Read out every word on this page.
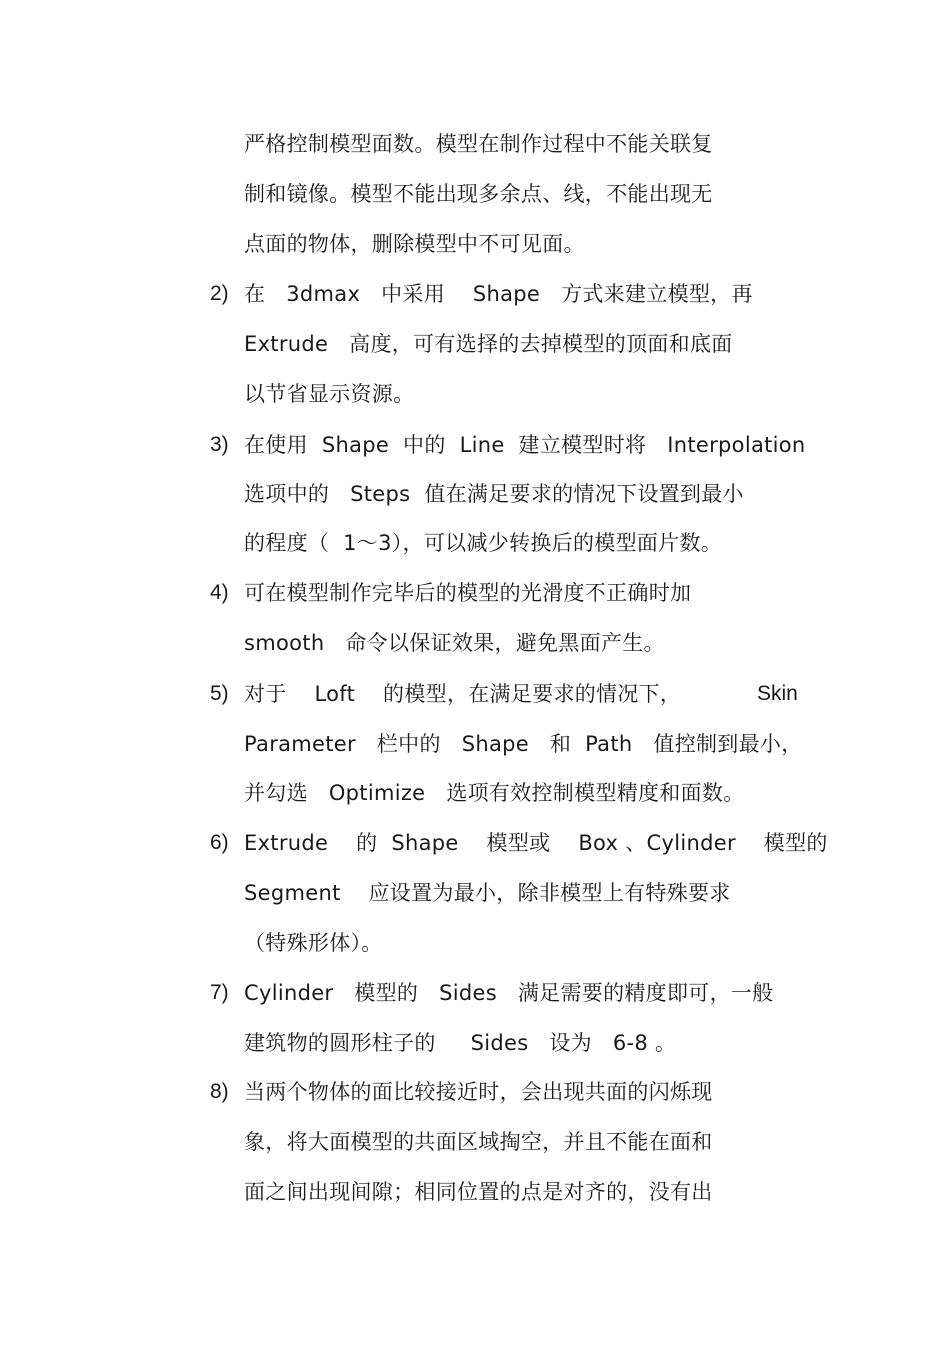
严格控制模型面数。模型在制作过程中不能关联复
制和镜像。模型不能出现多余点、线，不能出现无
点面的物体，删除模型中不可见面。
2) 在   3dmax   中采用    Shape   方式来建立模型，再
Extrude   高度，可有选择的去掉模型的顶面和底面
以节省显示资源。
3) 在使用  Shape  中的  Line  建立模型时将   Interpolation
选项中的   Steps  值在满足要求的情况下设置到最小
的程度（  1～3），可以减少转换后的模型面片数。
4) 可在模型制作完毕后的模型的光滑度不正确时加
smooth   命令以保证效果，避免黑面产生。
5) 对于    Loft    的模型，在满足要求的情况下，	Skin
Parameter   栏中的   Shape   和  Path   值控制到最小，
并勾选   Optimize   选项有效控制模型精度和面数。
6) Extrude    的  Shape    模型或    Box 、Cylinder    模型的
Segment    应设置为最小，除非模型上有特殊要求
（特殊形体）。
7) Cylinder   模型的   Sides   满足需要的精度即可，一般
建筑物的圆形柱子的     Sides   设为   6-8 。
8) 当两个物体的面比较接近时，会出现共面的闪烁现
象，将大面模型的共面区域掏空，并且不能在面和
面之间出现间隙；相同位置的点是对齐的，没有出
